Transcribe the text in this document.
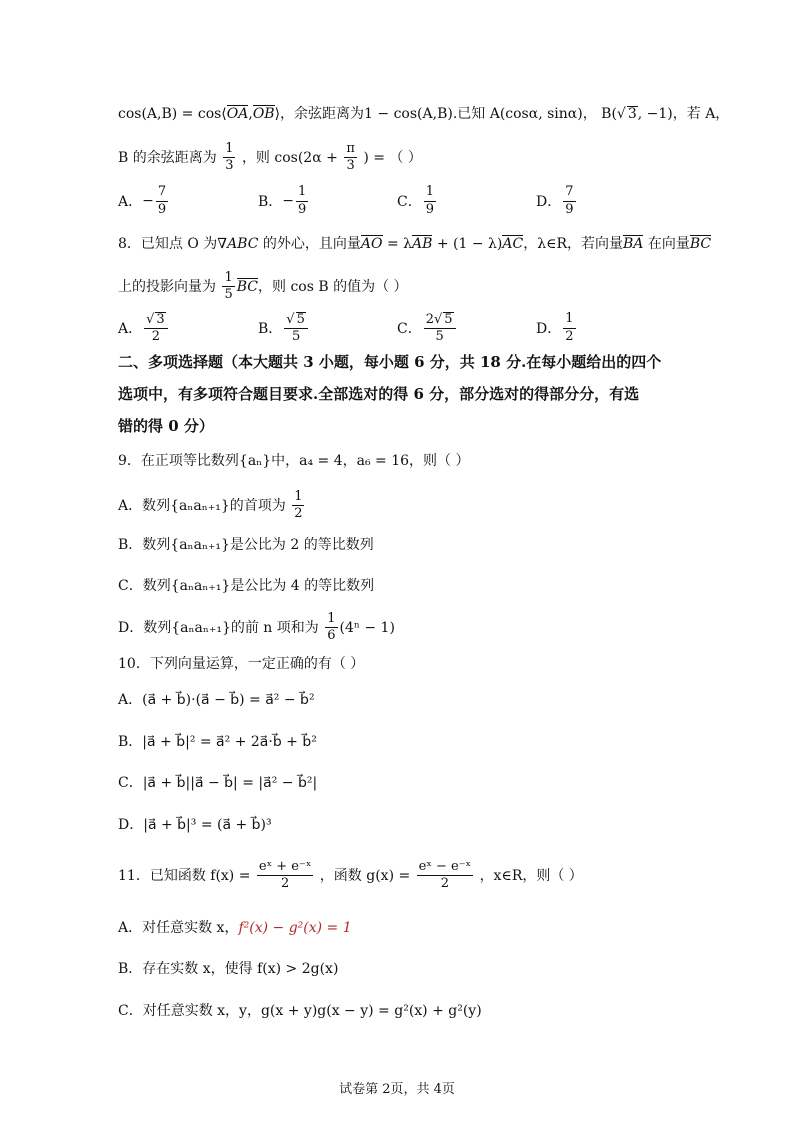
cos(A,B) = cos⟨OA,OB⟩，余弦距离为1 − cos(A,B).已知 A(cosα, sinα)， B(√ 3, −1)，若 A，
B 的余弦距离为 $\frac{1}{3}$ ，则 $\cos(2\alpha + \frac{\pi}{3}$ ) = （ ）
A． − $\frac{7}{9}$	B． − $\frac{1}{9}$	C． $\frac{1}{9}$	D． $\frac{7}{9}$
8．已知点 O 为∇ABC 的外心，且向量AO = λAB + (1 − λ)AC，λ∈R，若向量BA 在向量BC
上的投影向量为 $\frac{1}{5}$ BC，则 cos B 的值为（ ）
A． $\frac{√ 3}{2}$	B． $\frac{√ 5}{5}$	C． $\frac{2√ 5}{5}$	D． $\frac{1}{2}$
二、多项选择题（本大题共 3 小题，每小题 6 分，共 18 分.在每小题给出的四个
选项中，有多项符合题目要求.全部选对的得 6 分，部分选对的得部分分，有选
错的得 0 分）
9．在正项等比数列{aₙ}中，a₄ = 4，a₆ = 16，则（ ）
A．数列{aₙaₙ₊₁}的首项为 $\frac{1}{2}$
B．数列{aₙaₙ₊₁}是公比为 2 的等比数列
C．数列{aₙaₙ₊₁}是公比为 4 的等比数列
D．数列{aₙaₙ₊₁}的前 n 项和为 $\frac{1}{6} (4^n - 1)$
10．下列向量运算，一定正确的有（ ）
A．(a⃗ + b⃗)·(a⃗ − b⃗) = a⃗² − b⃗²
B．|a⃗ + b⃗|² = a⃗² + 2a⃗·b⃗ + b⃗²
C．|a⃗ + b⃗||a⃗ − b⃗| = |a⃗² − b⃗²|
D．|a⃗ + b⃗|³ = (a⃗ + b⃗)³
11．已知函数 $f(x) = \frac{\text{eˣ + e⁻ˣ}}{2}$ ，函数 $g(x) = \frac{\text{eˣ − e⁻ˣ}}{2}$ ，x∈R，则（ ）
A．对任意实数 x，f²(x) − g²(x) = 1
B．存在实数 x，使得 f(x) > 2g(x)
C．对任意实数 x，y，g(x + y)g(x − y) = g²(x) + g²(y)
试卷第 2页，共 4页
